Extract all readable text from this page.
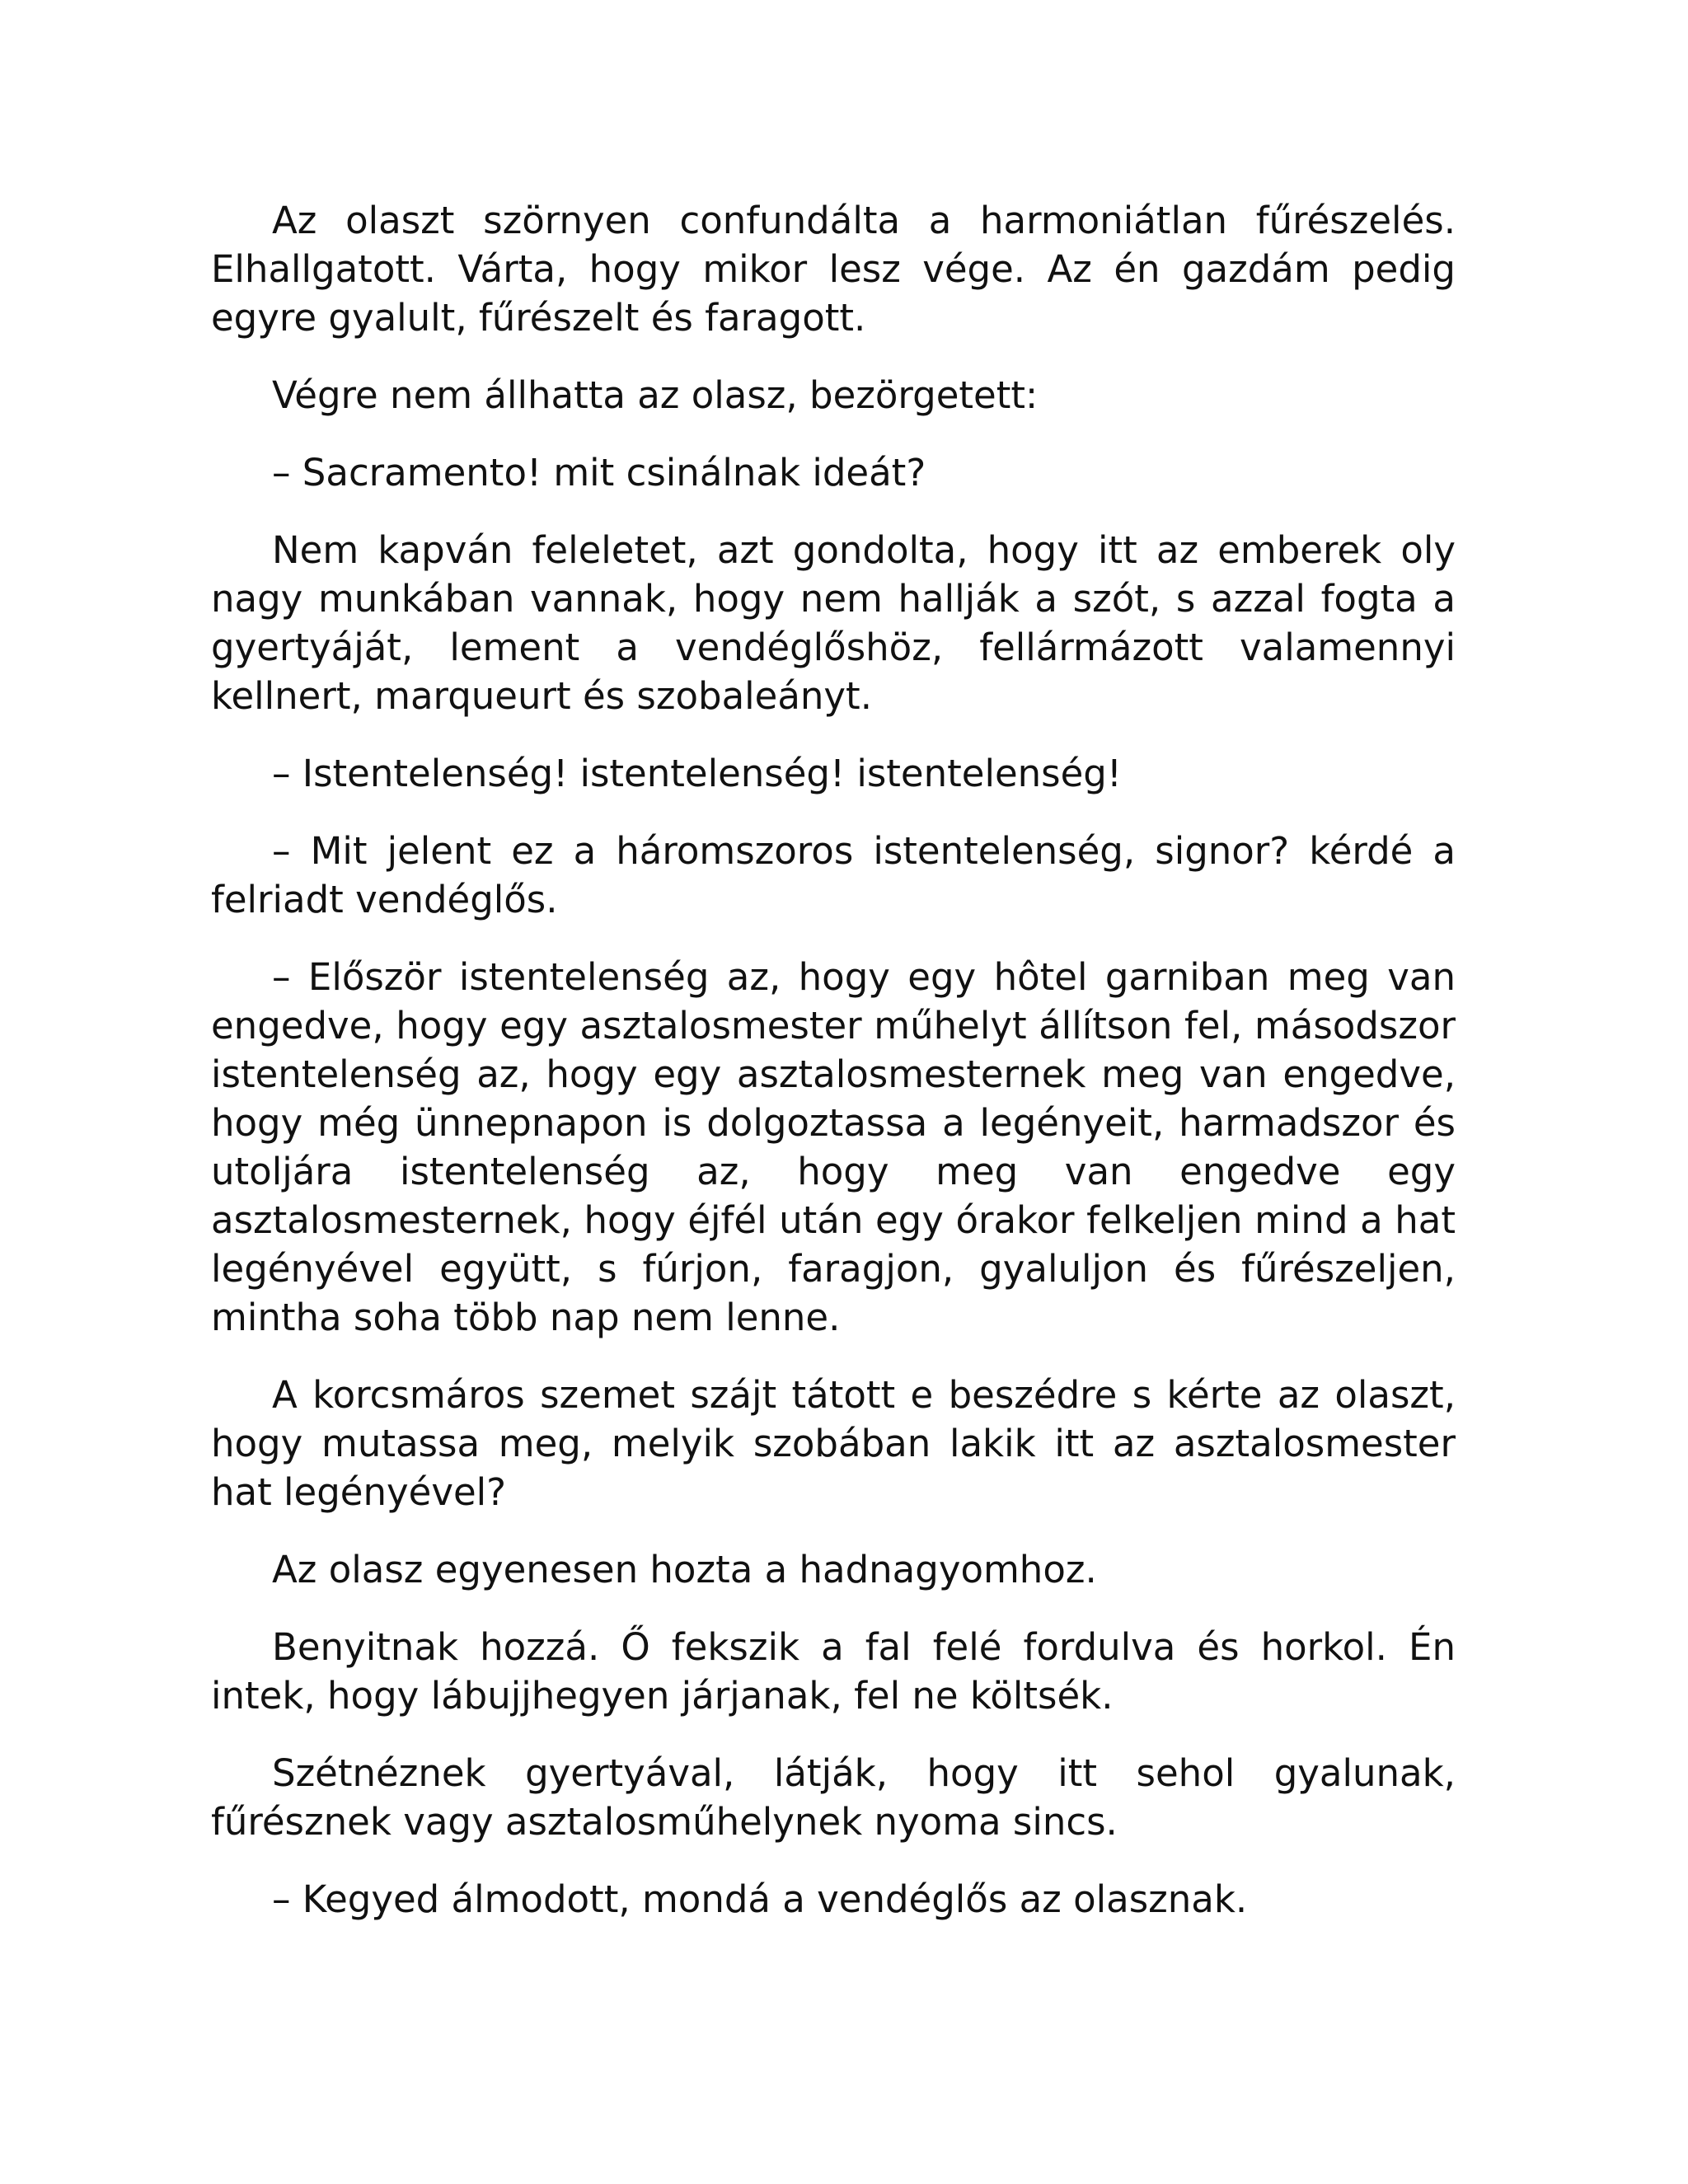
Az olaszt szörnyen confundálta a harmoniátlan fűrészelés. Elhallgatott. Várta, hogy mikor lesz vége. Az én gazdám pedig egyre gyalult, fűrészelt és faragott.

Végre nem állhatta az olasz, bezörgetett:

– Sacramento! mit csinálnak ideát?

Nem kapván feleletet, azt gondolta, hogy itt az emberek oly nagy munkában vannak, hogy nem hallják a szót, s azzal fogta a gyertyáját, lement a vendéglőshöz, fellármázott valamennyi kellnert, marqueurt és szobaleányt.

– Istentelenség! istentelenség! istentelenség!

– Mit jelent ez a háromszoros istentelenség, signor? kérdé a felriadt vendéglős.

– Először istentelenség az, hogy egy hôtel garniban meg van engedve, hogy egy asztalosmester műhelyt állítson fel, másodszor istentelenség az, hogy egy asztalosmesternek meg van engedve, hogy még ünnepnapon is dolgoztassa a legényeit, harmadszor és utoljára istentelenség az, hogy meg van engedve egy asztalosmesternek, hogy éjfél után egy órakor felkeljen mind a hat legényével együtt, s fúrjon, faragjon, gyaluljon és fűrészeljen, mintha soha több nap nem lenne.

A korcsmáros szemet szájt tátott e beszédre s kérte az olaszt, hogy mutassa meg, melyik szobában lakik itt az asztalosmester hat legényével?

Az olasz egyenesen hozta a hadnagyomhoz.

Benyitnak hozzá. Ő fekszik a fal felé fordulva és horkol. Én intek, hogy lábujjhegyen járjanak, fel ne költsék.

Szétnéznek gyertyával, látják, hogy itt sehol gyalunak, fűrésznek vagy asztalosműhelynek nyoma sincs.

– Kegyed álmodott, mondá a vendéglős az olasznak.
